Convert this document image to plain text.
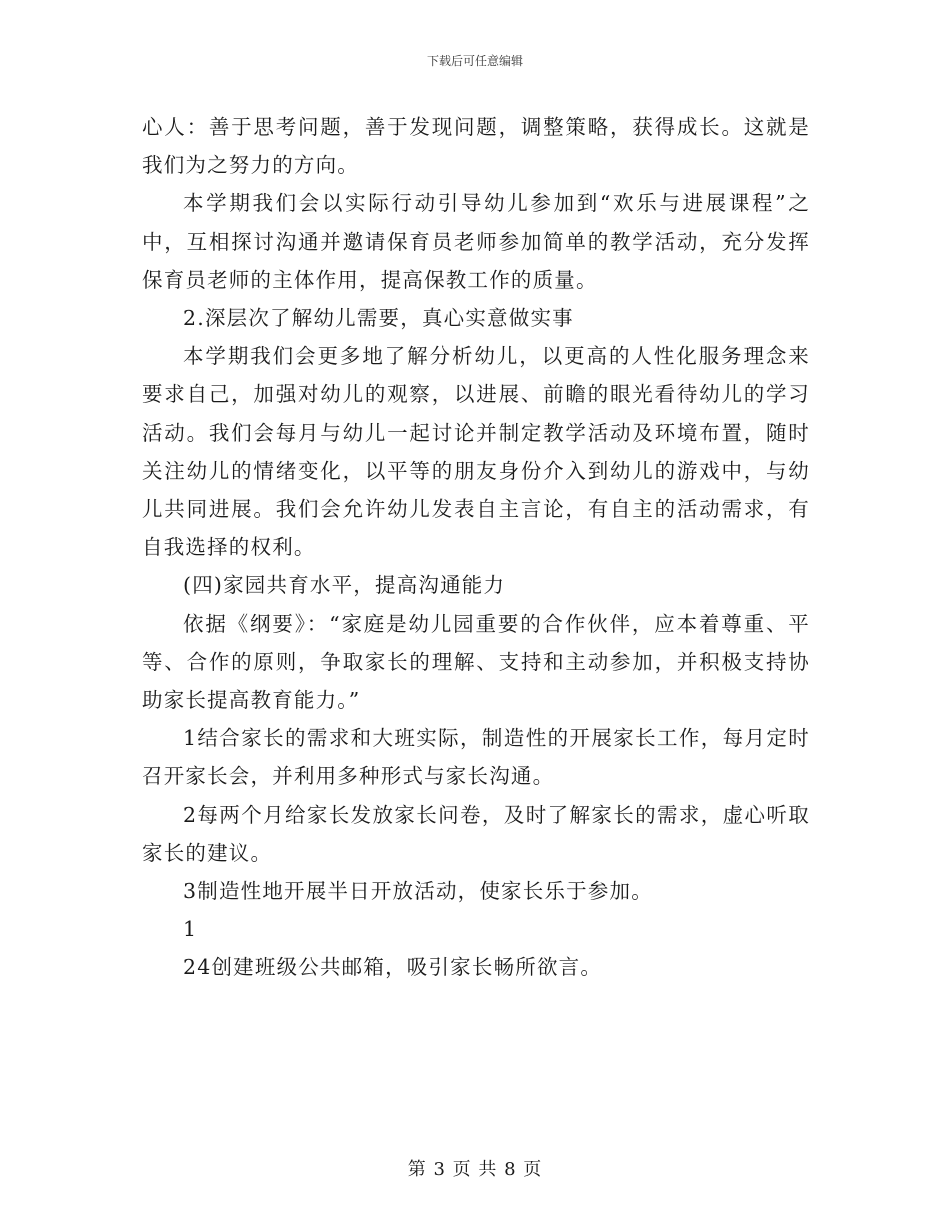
下载后可任意编辑

心人：善于思考问题，善于发现问题，调整策略，获得成长。这就是我们为之努力的方向。

本学期我们会以实际行动引导幼儿参加到“欢乐与进展课程”之中，互相探讨沟通并邀请保育员老师参加简单的教学活动，充分发挥保育员老师的主体作用，提高保教工作的质量。

2.深层次了解幼儿需要，真心实意做实事

本学期我们会更多地了解分析幼儿，以更高的人性化服务理念来要求自己，加强对幼儿的观察，以进展、前瞻的眼光看待幼儿的学习活动。我们会每月与幼儿一起讨论并制定教学活动及环境布置，随时关注幼儿的情绪变化，以平等的朋友身份介入到幼儿的游戏中，与幼儿共同进展。我们会允许幼儿发表自主言论，有自主的活动需求，有自我选择的权利。

(四)家园共育水平，提高沟通能力

依据《纲要》：“家庭是幼儿园重要的合作伙伴，应本着尊重、平等、合作的原则，争取家长的理解、支持和主动参加，并积极支持协助家长提高教育能力。”

1结合家长的需求和大班实际，制造性的开展家长工作，每月定时召开家长会，并利用多种形式与家长沟通。

2每两个月给家长发放家长问卷，及时了解家长的需求，虚心听取家长的建议。

3制造性地开展半日开放活动，使家长乐于参加。

1

24创建班级公共邮箱，吸引家长畅所欲言。

第 3 页 共 8 页
